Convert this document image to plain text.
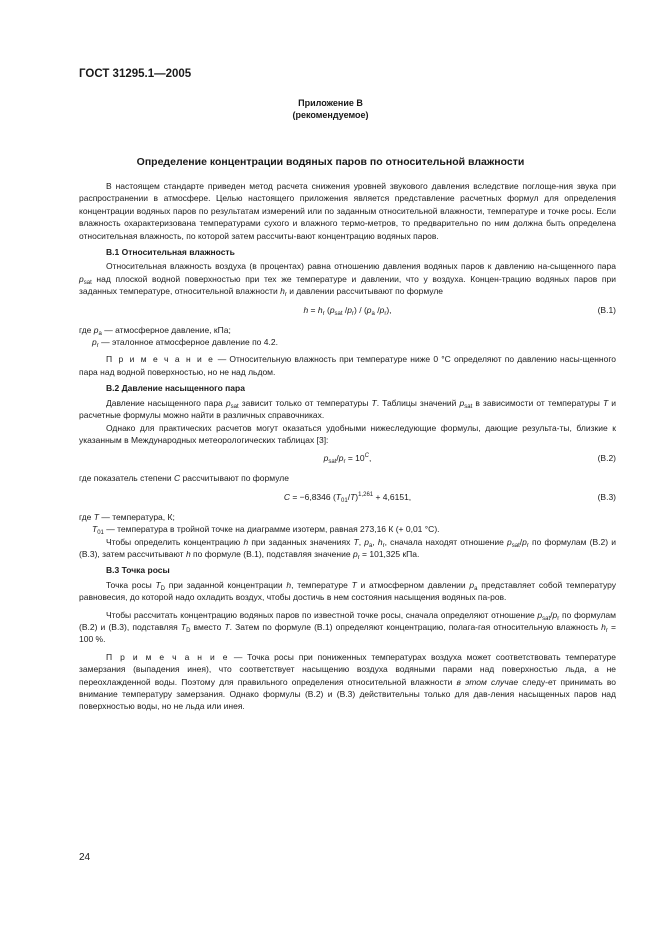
ГОСТ 31295.1—2005
Приложение В
(рекомендуемое)
Определение концентрации водяных паров по относительной влажности

В настоящем стандарте приведен метод расчета снижения уровней звукового давления вследствие поглоще-ния звука при распространении в атмосфере. Целью настоящего приложения является представление расчетных формул для определения концентрации водяных паров по результатам измерений или по заданным относительной влажности, температуре и точке росы. Если влажность охарактеризована температурами сухого и влажного термо-метров, то предварительно по ним должна быть определена относительная влажность, по которой затем рассчиты-вают концентрацию водяных паров.

В.1 Относительная влажность

Относительная влажность воздуха (в процентах) равна отношению давления водяных паров к давлению на-сыщенного пара $p_{sat}$ над плоской водной поверхностью при тех же температуре и давлении, что у воздуха. Концен-трацию водяных паров при заданных температуре, относительной влажности $h_r$ и давлении рассчитывают по формуле

$h = h_r$ ($p_{sat}$ $/p_r) / (p_a$ $/p_r$),	(В.1)

где $p_a$ — атмосферное давление, кПа;

$p_r$ — эталонное атмосферное давление по 4.2.

П р и м е ч а н и е — Относительную влажность при температуре ниже 0 °С определяют по давлению насы-щенного пара над водной поверхностью, но не над льдом.

В.2 Давление насыщенного пара

Давление насыщенного пара $p_{sat}$ зависит только от температуры T. Таблицы значений $p_{sat}$ в зависимости от температуры T и расчетные формулы можно найти в различных справочниках.

Однако для практических расчетов могут оказаться удобными нижеследующие формулы, дающие результа-ты, близкие к указанным в Международных метеорологических таблицах [3]:

$p_{sat}/p_r = 10^C$,	(В.2)

где показатель степени C рассчитывают по формуле

C = −6,8346 $(T_{01}/T)^{1,261} + 4,6151$,	(В.3)

где T — температура, К;

$T_{01}$ — температура в тройной точке на диаграмме изотерм, равная 273,16 К (+ 0,01 °С).

Чтобы определить концентрацию h при заданных значениях T, $p_a$, $h_r$, сначала находят отношение $p_{sat}/p_r$ по формулам (В.2) и (В.3), затем рассчитывают h по формуле (В.1), подставляя значение $p_r = 101,325$ кПа.

В.3 Точка росы

Точка росы $T_D$ при заданной концентрации h, температуре T и атмосферном давлении $p_a$ представляет собой температуру равновесия, до которой надо охладить воздух, чтобы достичь в нем состояния насыщения водяных па-ров.

Чтобы рассчитать концентрацию водяных паров по известной точке росы, сначала определяют отношение $p_{sat}/p_r$ по формулам (В.2) и (В.3), подставляя $T_D$ вместо T. Затем по формуле (В.1) определяют концентрацию, полага-гая относительную влажность $h_r = 100$ %.

П р и м е ч а н и е — Точка росы при пониженных температурах воздуха может соответствовать температуре замерзания (выпадения инея), что соответствует насыщению воздуха водяными парами над поверхностью льда, а не переохлажденной воды. Поэтому для правильного определения относительной влажности в этом случае следу-ет принимать во внимание температуру замерзания. Однако формулы (В.2) и (В.3) действительны только для дав-ления насыщенных паров над поверхностью воды, но не льда или инея.

24
